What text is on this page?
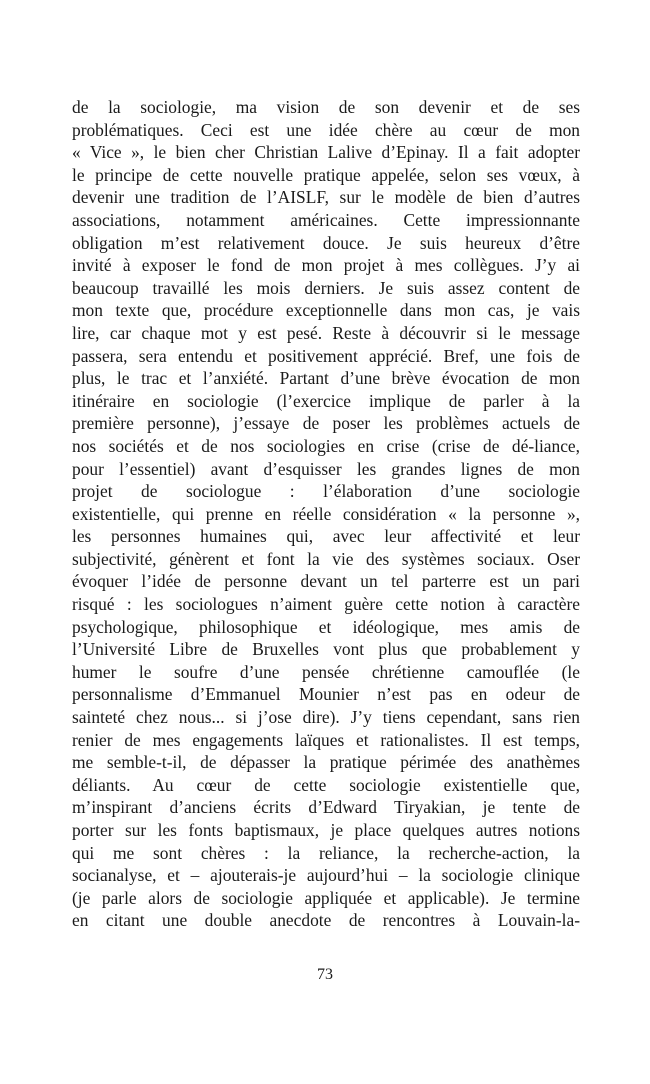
de la sociologie, ma vision de son devenir et de ses
problématiques. Ceci est une idée chère au cœur de mon
« Vice », le bien cher Christian Lalive d’Epinay. Il a fait adopter
le principe de cette nouvelle pratique appelée, selon ses vœux, à
devenir une tradition de l’AISLF, sur le modèle de bien d’autres
associations, notamment américaines. Cette impressionnante
obligation m’est relativement douce. Je suis heureux d’être
invité à exposer le fond de mon projet à mes collègues. J’y ai
beaucoup travaillé les mois derniers. Je suis assez content de
mon texte que, procédure exceptionnelle dans mon cas, je vais
lire, car chaque mot y est pesé. Reste à découvrir si le message
passera, sera entendu et positivement apprécié. Bref, une fois de
plus, le trac et l’anxiété. Partant d’une brève évocation de mon
itinéraire en sociologie (l’exercice implique de parler à la
première personne), j’essaye de poser les problèmes actuels de
nos sociétés et de nos sociologies en crise (crise de dé-liance,
pour l’essentiel) avant d’esquisser les grandes lignes de mon
projet de sociologue : l’élaboration d’une sociologie
existentielle, qui prenne en réelle considération « la personne »,
les personnes humaines qui, avec leur affectivité et leur
subjectivité, génèrent et font la vie des systèmes sociaux. Oser
évoquer l’idée de personne devant un tel parterre est un pari
risqué : les sociologues n’aiment guère cette notion à caractère
psychologique, philosophique et idéologique, mes amis de
l’Université Libre de Bruxelles vont plus que probablement y
humer le soufre d’une pensée chrétienne camouflée (le
personnalisme d’Emmanuel Mounier n’est pas en odeur de
sainteté chez nous... si j’ose dire). J’y tiens cependant, sans rien
renier de mes engagements laïques et rationalistes. Il est temps,
me semble-t-il, de dépasser la pratique périmée des anathèmes
déliants. Au cœur de cette sociologie existentielle que,
m’inspirant d’anciens écrits d’Edward Tiryakian, je tente de
porter sur les fonts baptismaux, je place quelques autres notions
qui me sont chères : la reliance, la recherche-action, la
socianalyse, et – ajouterais-je aujourd’hui – la sociologie clinique
(je parle alors de sociologie appliquée et applicable). Je termine
en citant une double anecdote de rencontres à Louvain-la-
73
